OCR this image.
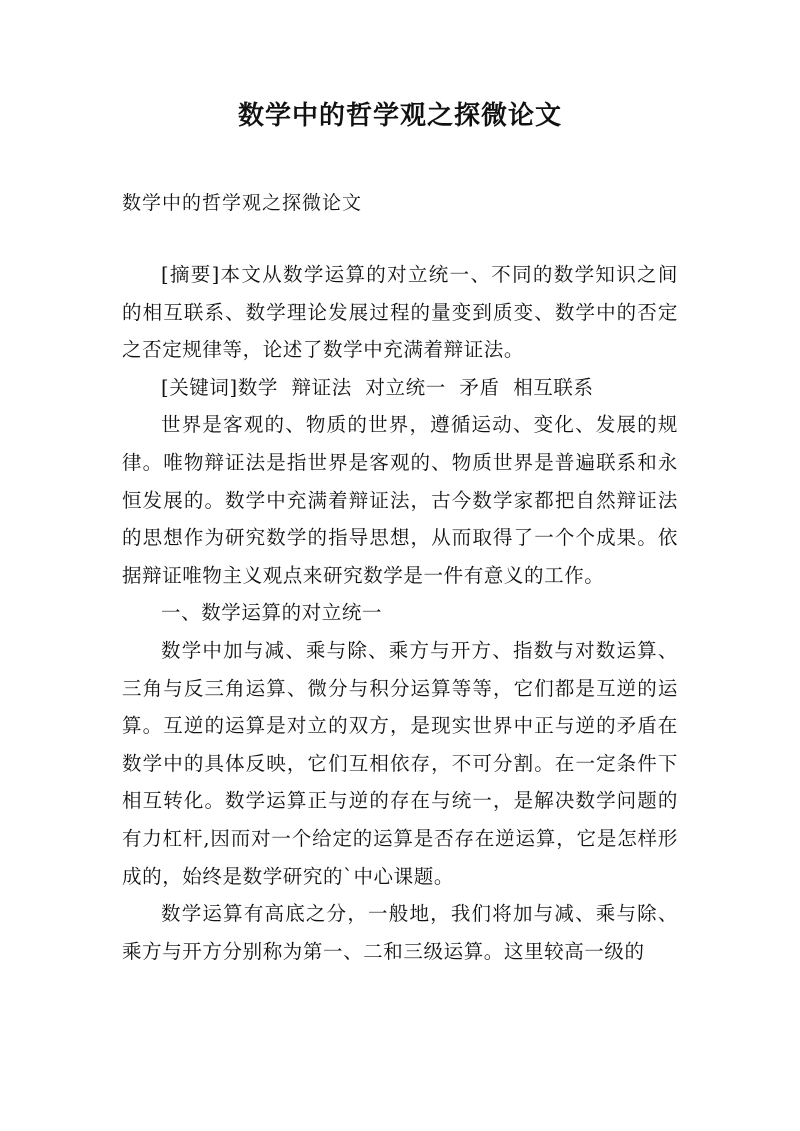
数学中的哲学观之探微论文
数学中的哲学观之探微论文

[摘要]本文从数学运算的对立统一、不同的数学知识之间的相互联系、数学理论发展过程的量变到质变、数学中的否定之否定规律等，论述了数学中充满着辩证法。

[关键词]数学  辩证法  对立统一  矛盾  相互联系

世界是客观的、物质的世界，遵循运动、变化、发展的规律。唯物辩证法是指世界是客观的、物质世界是普遍联系和永恒发展的。数学中充满着辩证法，古今数学家都把自然辩证法的思想作为研究数学的指导思想，从而取得了一个个成果。依据辩证唯物主义观点来研究数学是一件有意义的工作。

一、数学运算的对立统一

数学中加与减、乘与除、乘方与开方、指数与对数运算、三角与反三角运算、微分与积分运算等等，它们都是互逆的运算。互逆的运算是对立的双方，是现实世界中正与逆的矛盾在数学中的具体反映，它们互相依存，不可分割。在一定条件下相互转化。数学运算正与逆的存在与统一，是解决数学问题的有力杠杆,因而对一个给定的运算是否存在逆运算，它是怎样形成的，始终是数学研究的`中心课题。

数学运算有高底之分，一般地，我们将加与减、乘与除、乘方与开方分别称为第一、二和三级运算。这里较高一级的
